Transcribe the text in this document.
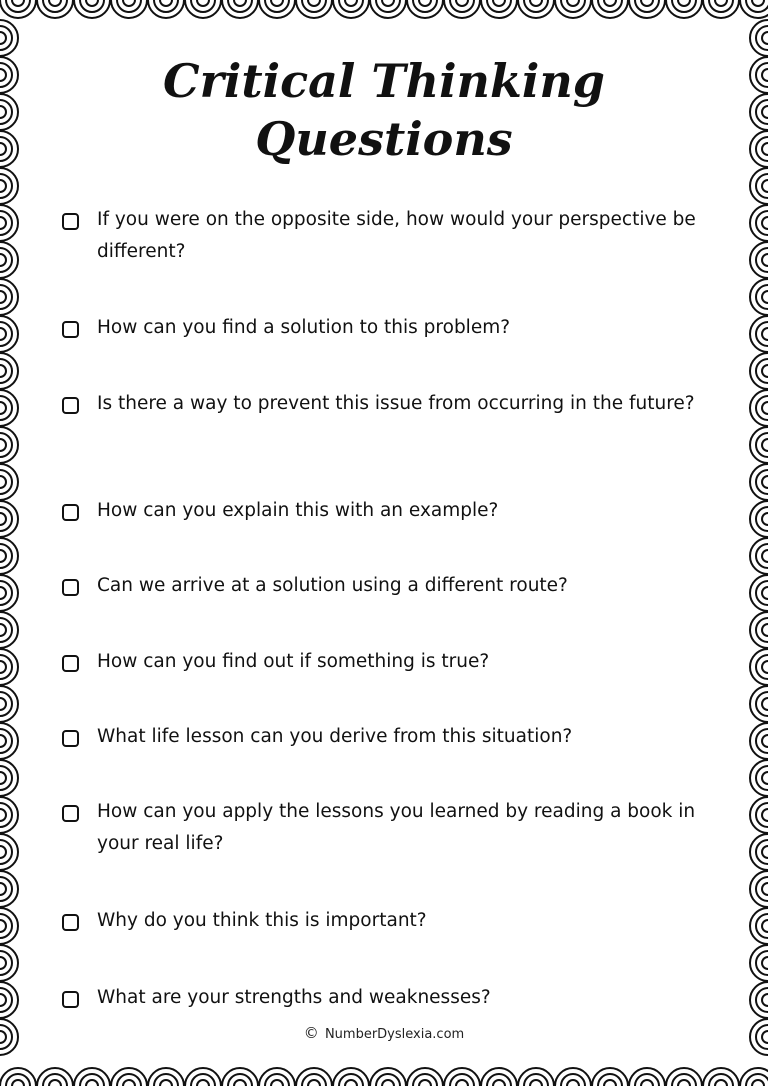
Critical Thinking
Questions
If you were on the opposite side, how would your perspective be different?
How can you find a solution to this problem?
Is there a way to prevent this issue from occurring in the future?
How can you explain this with an example?
Can we arrive at a solution using a different route?
How can you find out if something is true?
What life lesson can you derive from this situation?
How can you apply the lessons you learned by reading a book in your real life?
Why do you think this is important?
What are your strengths and weaknesses?
© NumberDyslexia.com
